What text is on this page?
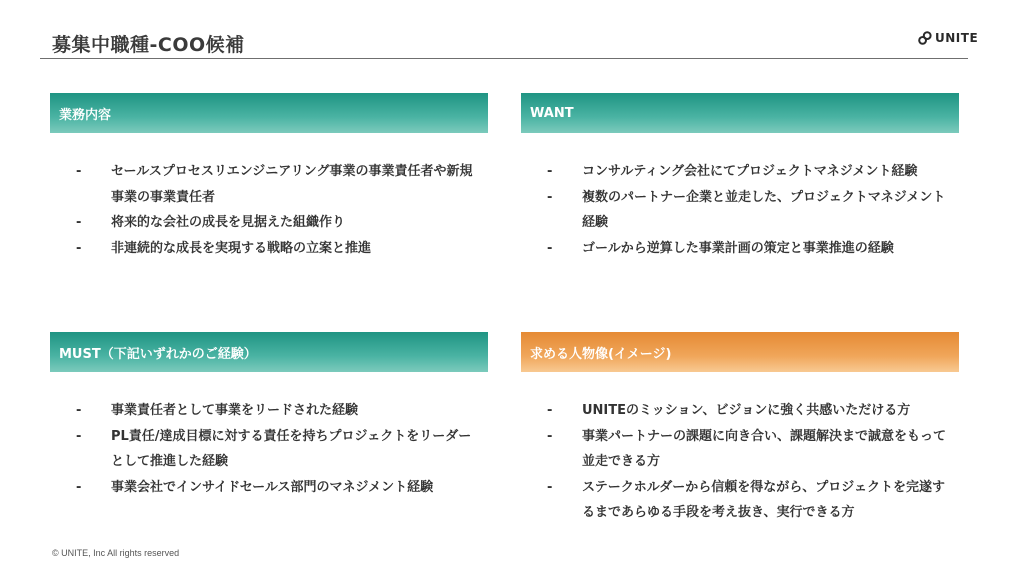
募集中職種-COO候補	UNITE
業務内容
- セールスプロセスリエンジニアリング事業の事業責任者や新規事業の事業責任者
- 将来的な会社の成長を見据えた組織作り
- 非連続的な成長を実現する戦略の立案と推進
WANT
- コンサルティング会社にてプロジェクトマネジメント経験
- 複数のパートナー企業と並走した、プロジェクトマネジメント経験
- ゴールから逆算した事業計画の策定と事業推進の経験
MUST（下記いずれかのご経験）
- 事業責任者として事業をリードされた経験
- PL責任/達成目標に対する責任を持ちプロジェクトをリーダーとして推進した経験
- 事業会社でインサイドセールス部門のマネジメント経験
求める人物像(イメージ)
- UNITEのミッション、ビジョンに強く共感いただける方
- 事業パートナーの課題に向き合い、課題解決まで誠意をもって並走できる方
- ステークホルダーから信頼を得ながら、プロジェクトを完遂するまであらゆる手段を考え抜き、実行できる方
© UNITE, Inc All rights reserved
